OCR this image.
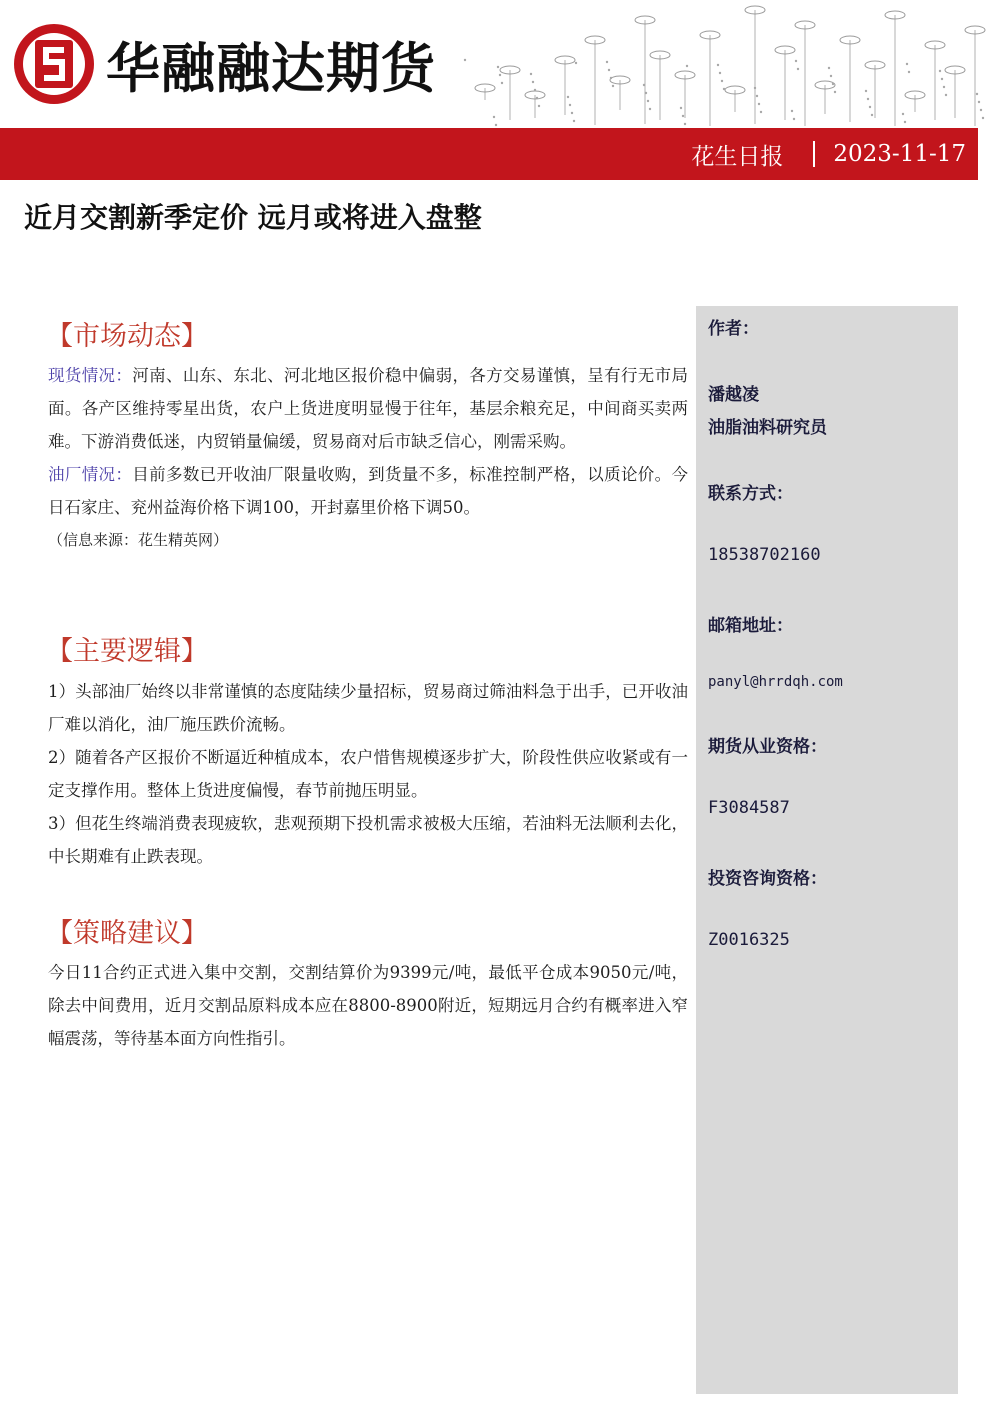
华融融达期货
花生日报 2023-11-17
近月交割新季定价 远月或将进入盘整
作者：
潘越凌
油脂油料研究员
联系方式：
18538702160
邮箱地址：
panyl@hrrdqh.com
期货从业资格：
F3084587
投资咨询资格：
Z0016325
【市场动态】

现货情况：河南、山东、东北、河北地区报价稳中偏弱，各方交易谨慎，呈有行无市局面。各产区维持零星出货，农户上货进度明显慢于往年，基层余粮充足，中间商买卖两难。下游消费低迷，内贸销量偏缓，贸易商对后市缺乏信心，刚需采购。

油厂情况：目前多数已开收油厂限量收购，到货量不多，标准控制严格，以质论价。今日石家庄、兖州益海价格下调100，开封嘉里价格下调50。

（信息来源：花生精英网）

【主要逻辑】

1）头部油厂始终以非常谨慎的态度陆续少量招标，贸易商过筛油料急于出手，已开收油厂难以消化，油厂施压跌价流畅。

2）随着各产区报价不断逼近种植成本，农户惜售规模逐步扩大，阶段性供应收紧或有一定支撑作用。整体上货进度偏慢，春节前抛压明显。

3）但花生终端消费表现疲软，悲观预期下投机需求被极大压缩，若油料无法顺利去化，中长期难有止跌表现。

【策略建议】

今日11合约正式进入集中交割，交割结算价为9399元/吨，最低平仓成本9050元/吨，除去中间费用，近月交割品原料成本应在8800-8900附近，短期远月合约有概率进入窄幅震荡，等待基本面方向性指引。
